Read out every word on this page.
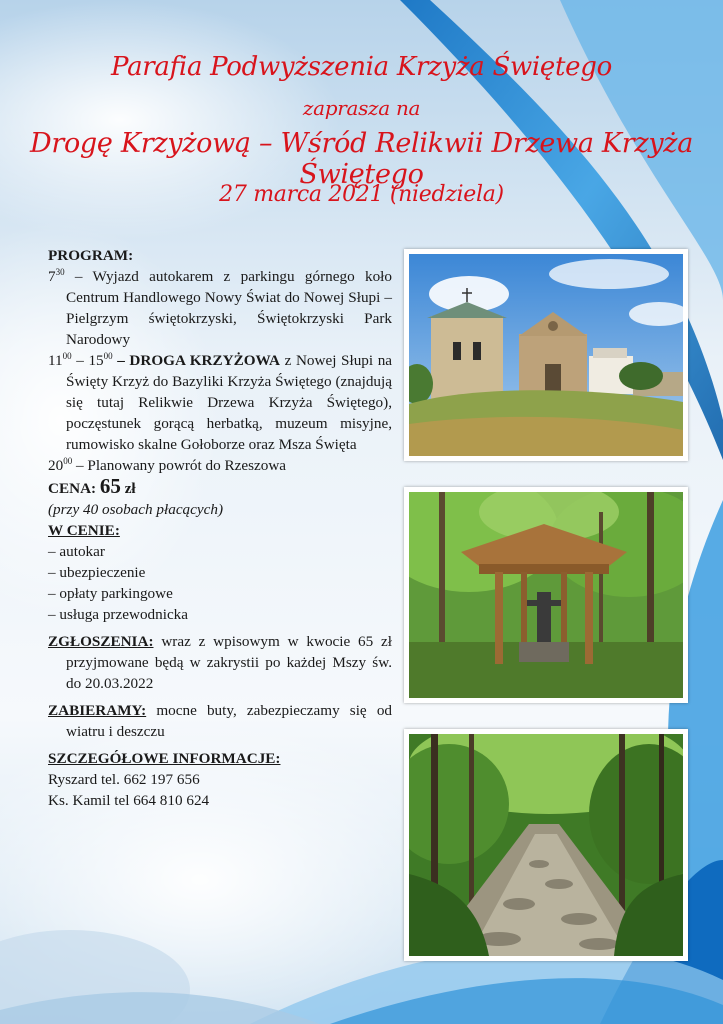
Parafia Podwyższenia Krzyża Świętego
zaprasza na
Drogę Krzyżową – Wśród Relikwii Drzewa Krzyża Świętego
27 marca 2021 (niedziela)

PROGRAM:

$7^{30}$ – Wyjazd autokarem z parkingu górnego koło Centrum Handlowego Nowy Świat do Nowej Słupi – Pielgrzym świętokrzyski, Świętokrzyski Park Narodowy

$11^{00} - 15^{00}$ – DROGA KRZYŻOWA z Nowej Słupi na Święty Krzyż do Bazyliki Krzyża Świętego (znajdują się tutaj Relikwie Drzewa Krzyża Świętego), poczęstunek gorącą herbatką, muzeum misyjne, rumowisko skalne Gołoborze oraz Msza Święta

$20^{00}$ – Planowany powrót do Rzeszowa

CENA: 65 zł

(przy 40 osobach płacących)

W CENIE:

– autokar

– ubezpieczenie

– opłaty parkingowe

– usługa przewodnicka

ZGŁOSZENIA: wraz z wpisowym w kwocie 65 zł przyjmowane będą w zakrystii po każdej Mszy św. do 20.03.2022

ZABIERAMY: mocne buty, zabezpieczamy się od wiatru i deszczu

SZCZEGÓŁOWE INFORMACJE:

Ryszard tel. 662 197 656

Ks. Kamil tel 664 810 624
